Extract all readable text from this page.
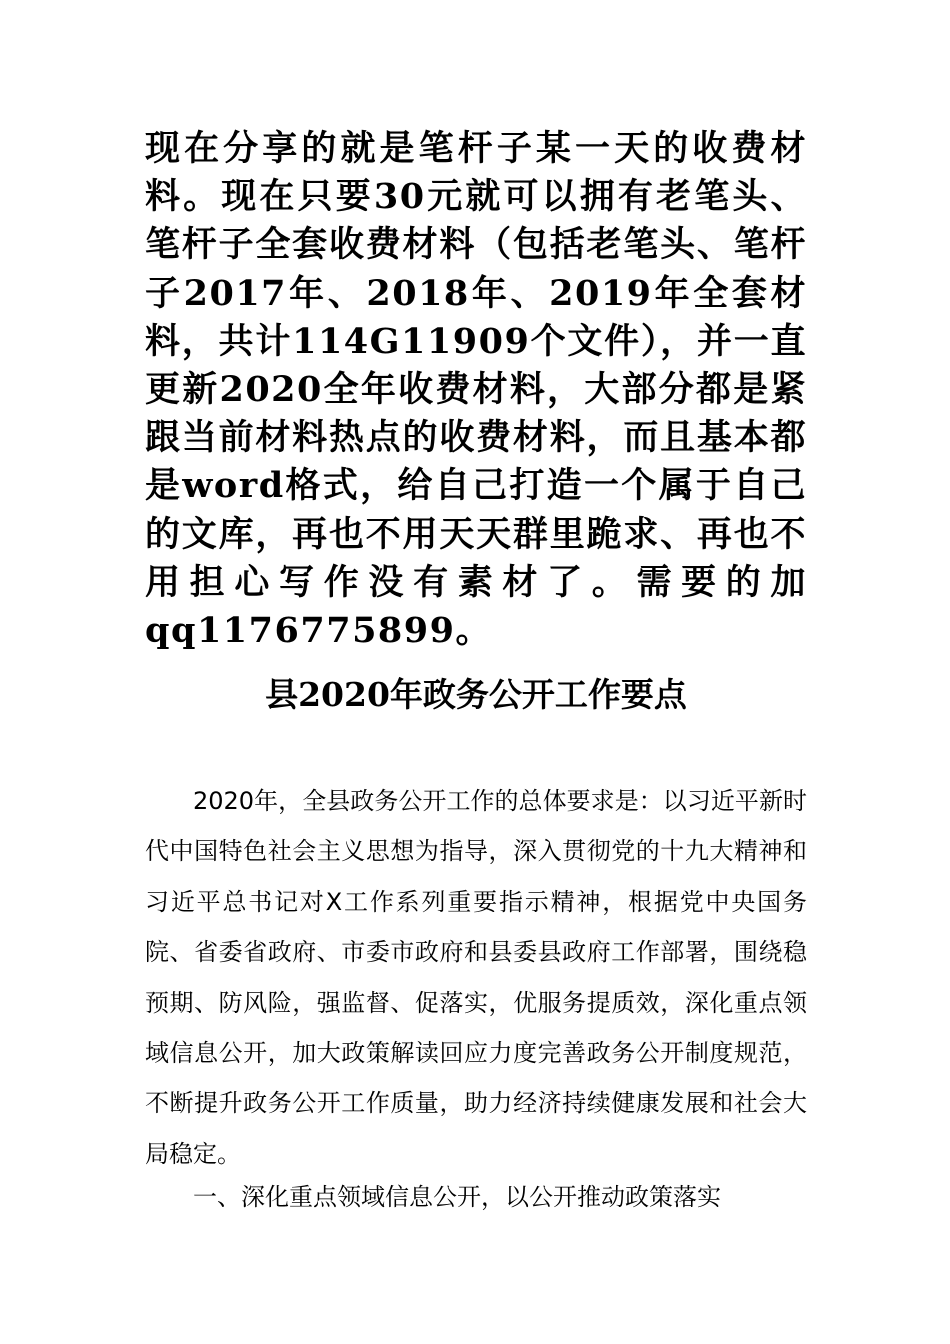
现在分享的就是笔杆子某一天的收费材料。现在只要30元就可以拥有老笔头、笔杆子全套收费材料（包括老笔头、笔杆子2017年、2018年、2019年全套材料，共计114G11909个文件），并一直更新2020全年收费材料，大部分都是紧跟当前材料热点的收费材料，而且基本都是word格式，给自己打造一个属于自己的文库，再也不用天天群里跪求、再也不用担心写作没有素材了。需要的加qq1176775899。

县2020年政务公开工作要点

2020年，全县政务公开工作的总体要求是：以习近平新时代中国特色社会主义思想为指导，深入贯彻党的十九大精神和习近平总书记对X工作系列重要指示精神，根据党中央国务院、省委省政府、市委市政府和县委县政府工作部署，围绕稳预期、防风险，强监督、促落实，优服务提质效，深化重点领域信息公开，加大政策解读回应力度完善政务公开制度规范，不断提升政务公开工作质量，助力经济持续健康发展和社会大局稳定。

一、深化重点领域信息公开，以公开推动政策落实
